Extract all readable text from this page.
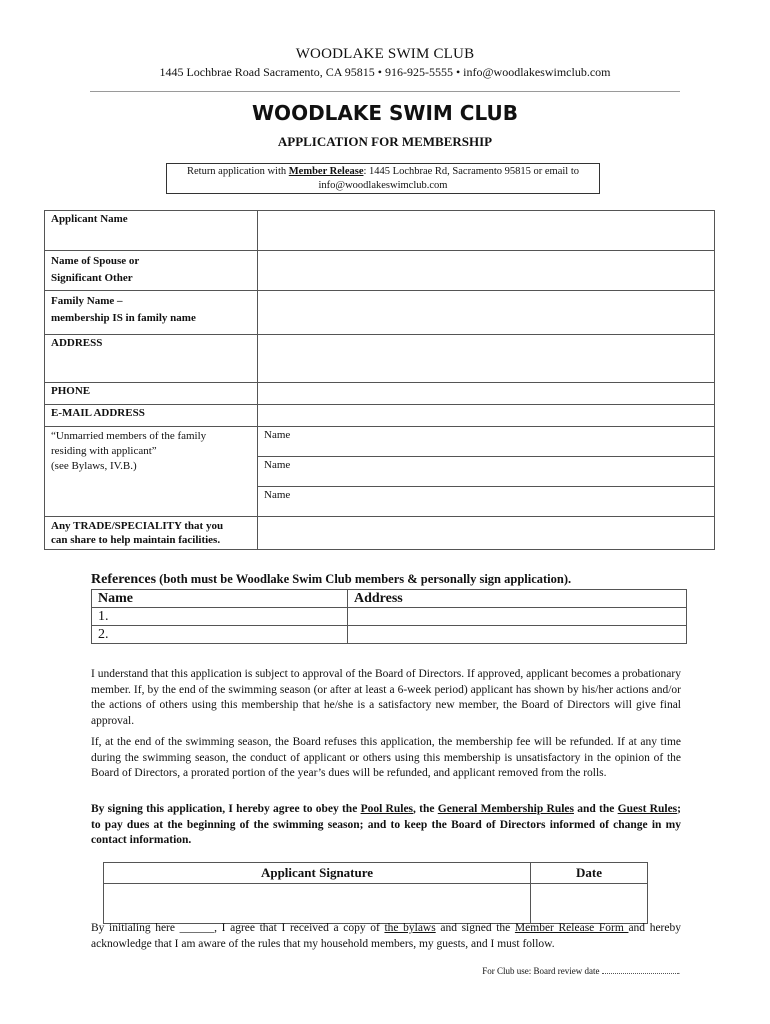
WOODLAKE SWIM CLUB
1445 Lochbrae Road Sacramento, CA 95815 • 916-925-5555 • info@woodlakeswimclub.com
WOODLAKE SWIM CLUB
APPLICATION FOR MEMBERSHIP
Return application with Member Release: 1445 Lochbrae Rd, Sacramento 95815 or email to
info@woodlakeswimclub.com
Applicant Name	

Name of Spouse or
Significant Other	

Family Name –
membership IS in family name	

ADDRESS	
PHONE	
E-MAIL ADDRESS	

“Unmarried members of the family
residing with applicant”
(see Bylaws, IV.B.)	Name
	Name
	Name

Any TRADE/SPECIALITY that you
can share to help maintain facilities.	

References (both must be Woodlake Swim Club members & personally sign application).
Name	Address
1.	
2.	
I understand that this application is subject to approval of the Board of Directors. If approved, applicant becomes a probationary member. If, by the end of the swimming season (or after at least a 6-week period) applicant has shown by his/her actions and/or the actions of others using this membership that he/she is a satisfactory new member, the Board of Directors will give final approval.
If, at the end of the swimming season, the Board refuses this application, the membership fee will be refunded. If at any time during the swimming season, the conduct of applicant or others using this membership is unsatisfactory in the opinion of the Board of Directors, a prorated portion of the year’s dues will be refunded, and applicant removed from the rolls.
By signing this application, I hereby agree to obey the Pool Rules, the General Membership Rules and the Guest Rules; to pay dues at the beginning of the swimming season; and to keep the Board of Directors informed of change in my contact information.
Applicant Signature	Date

By initialing here ______, I agree that I received a copy of the bylaws and signed the Member Release Form and hereby acknowledge that I am aware of the rules that my household members, my guests, and I must follow.
For Club use: Board review date	.
